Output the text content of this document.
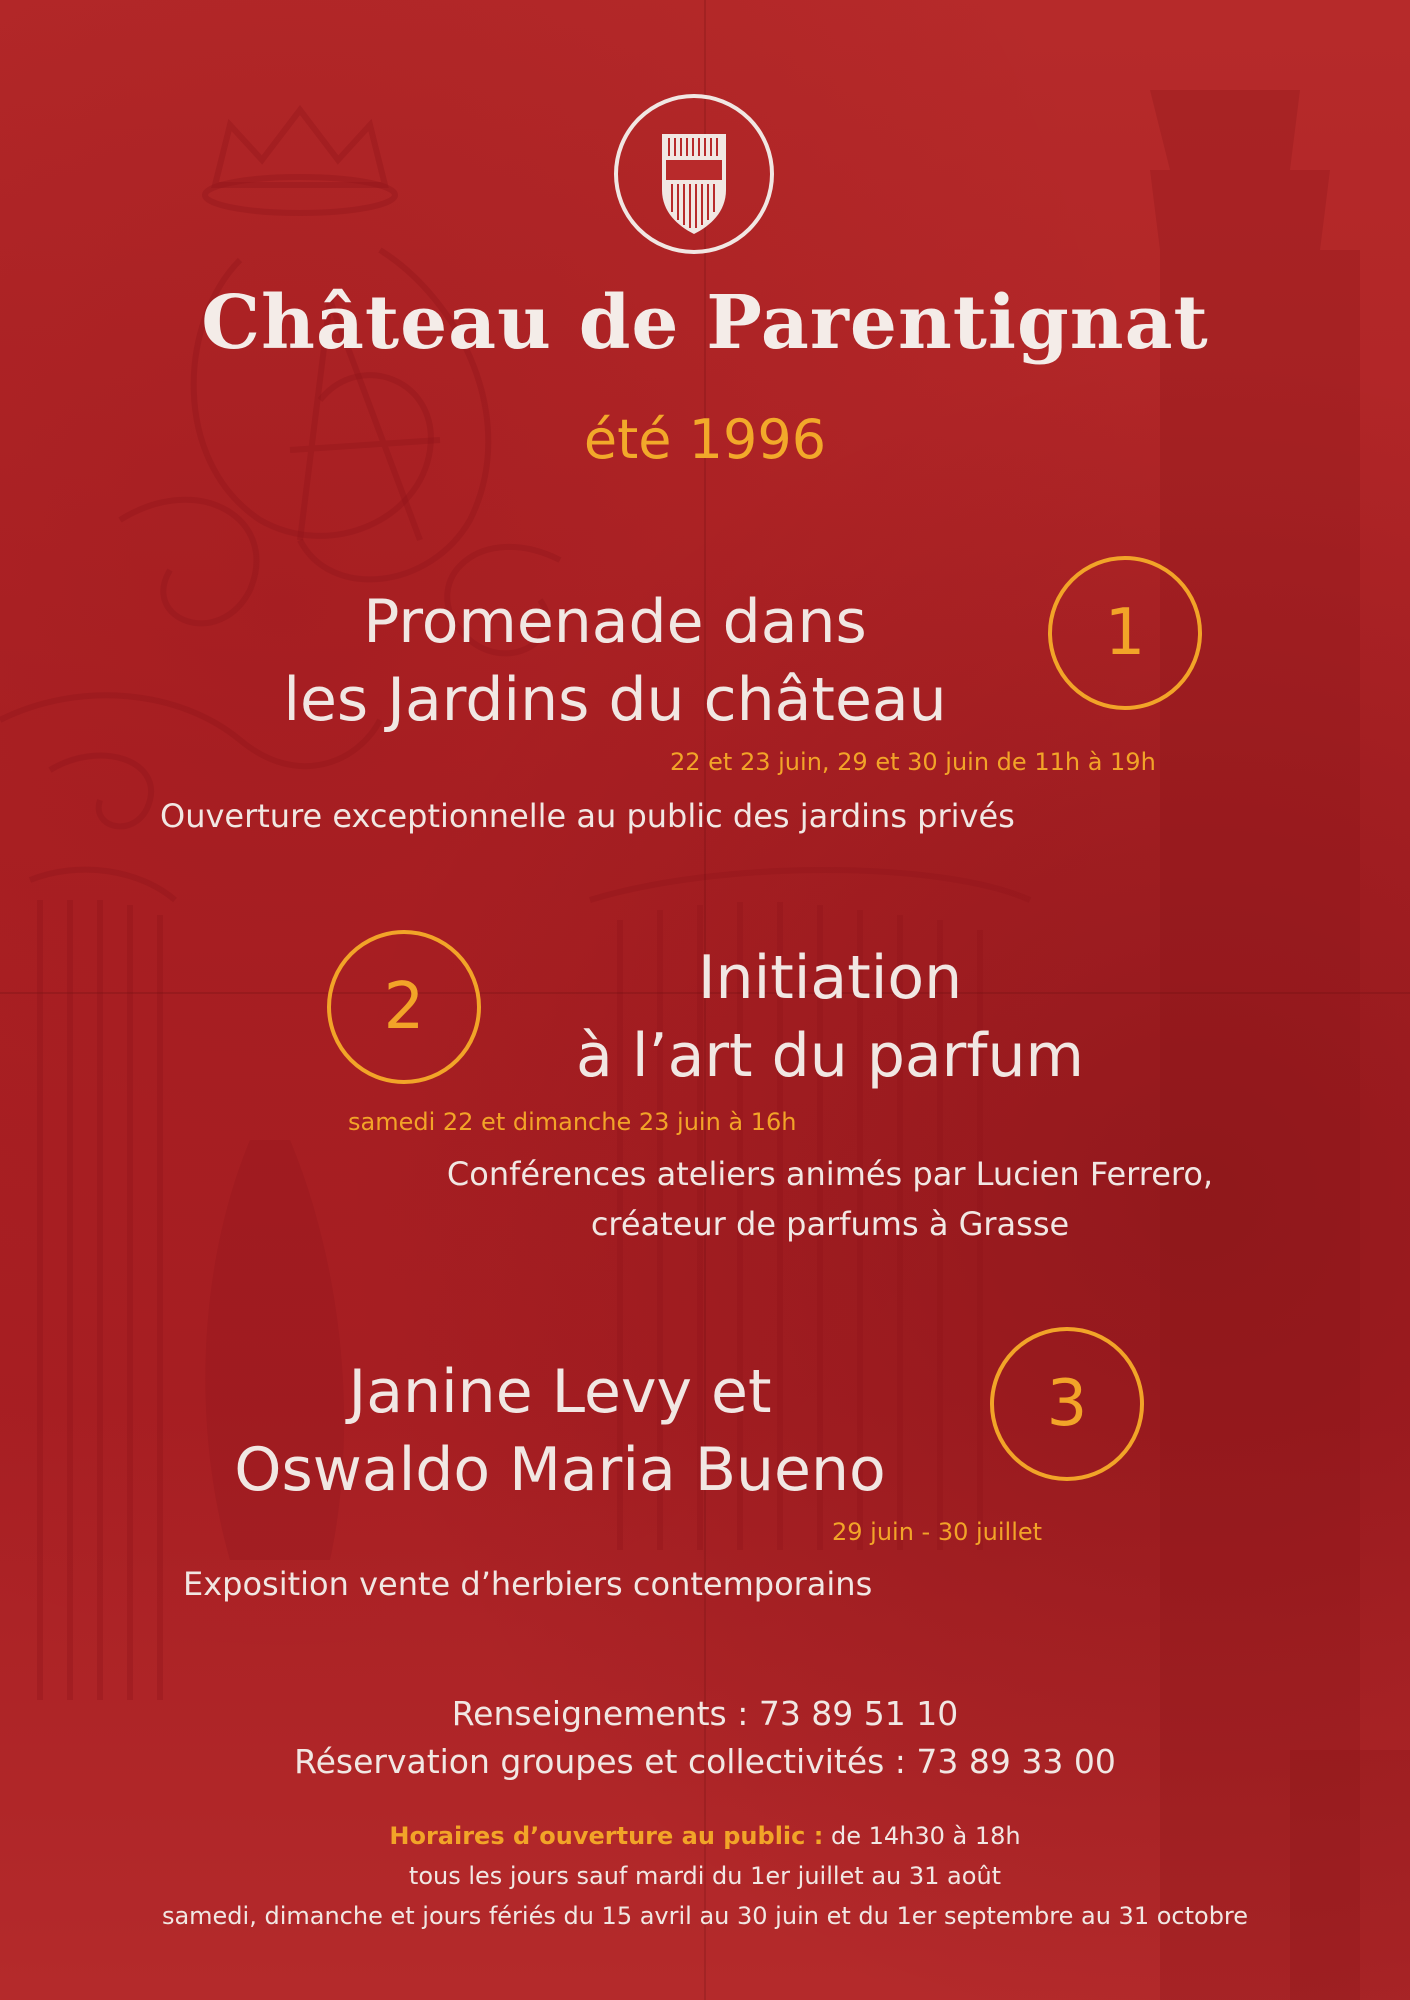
Château de Parentignat
été 1996
Promenade dans
les Jardins du château
1
22 et 23 juin, 29 et 30 juin de 11h à 19h
Ouverture exceptionnelle au public des jardins privés
2	Initiation
à l’art du parfum
samedi 22 et dimanche 23 juin à 16h
Conférences ateliers animés par Lucien Ferrero,
créateur de parfums à Grasse
Janine Levy et
Oswaldo Maria Bueno
3
29 juin - 30 juillet
Exposition vente d’herbiers contemporains
Renseignements : 73 89 51 10
Réservation groupes et collectivités : 73 89 33 00
Horaires d’ouverture au public : de 14h30 à 18h
tous les jours sauf mardi du 1er juillet au 31 août
samedi, dimanche et jours fériés du 15 avril au 30 juin et du 1er septembre au 31 octobre
